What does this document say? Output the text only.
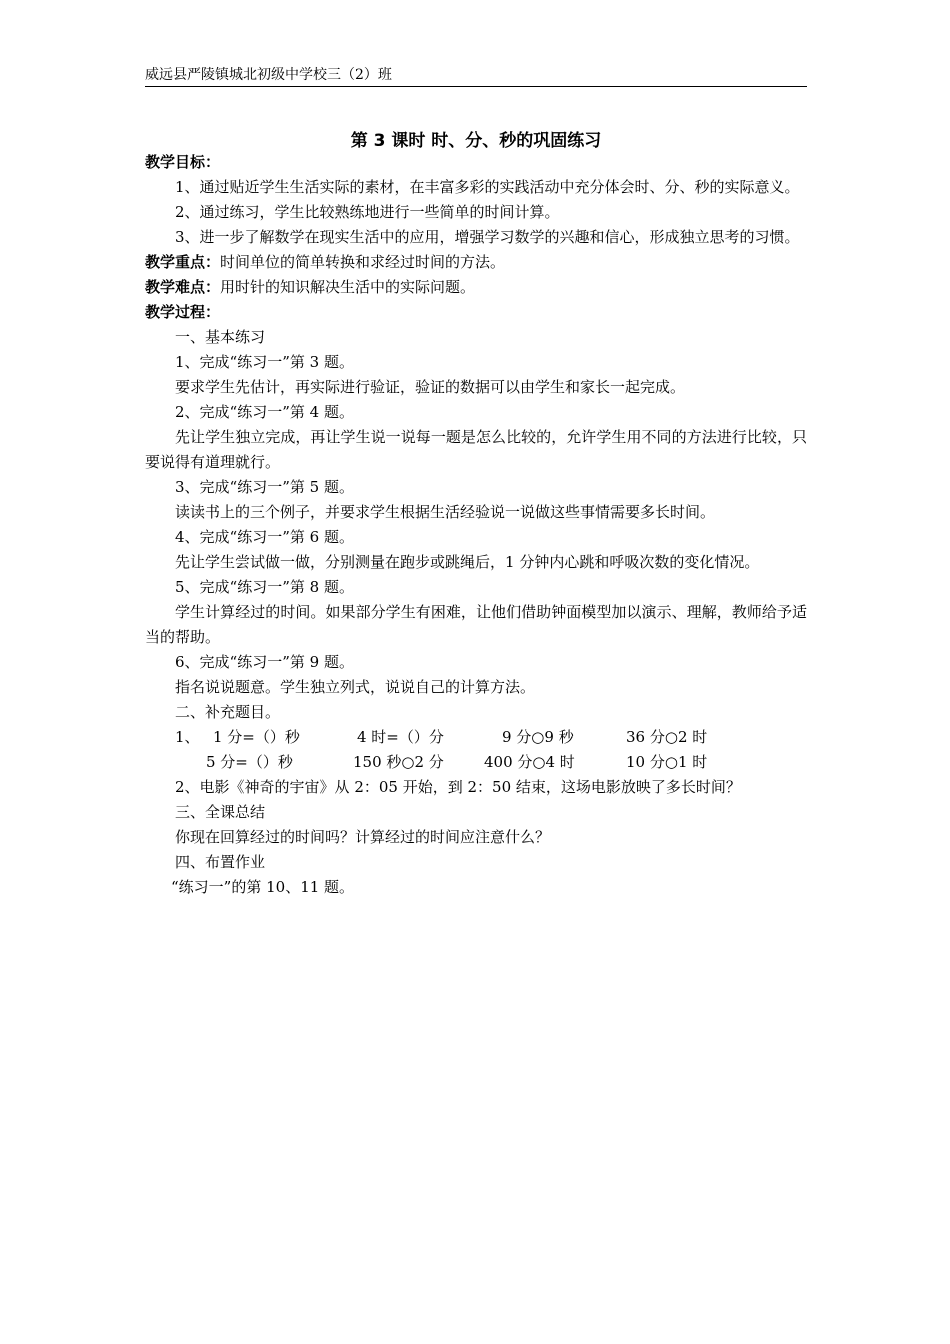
威远县严陵镇城北初级中学校三（2）班
第 3 课时 时、分、秒的巩固练习

教学目标：

1、通过贴近学生生活实际的素材，在丰富多彩的实践活动中充分体会时、分、秒的实际意义。

2、通过练习，学生比较熟练地进行一些简单的时间计算。

3、进一步了解数学在现实生活中的应用，增强学习数学的兴趣和信心，形成独立思考的习惯。

教学重点：时间单位的简单转换和求经过时间的方法。

教学难点：用时针的知识解决生活中的实际问题。

教学过程：

一、基本练习

1、完成“练习一”第 3 题。

要求学生先估计，再实际进行验证，验证的数据可以由学生和家长一起完成。

2、完成“练习一”第 4 题。

先让学生独立完成，再让学生说一说每一题是怎么比较的，允许学生用不同的方法进行比较，只要说得有道理就行。

3、完成“练习一”第 5 题。

读读书上的三个例子，并要求学生根据生活经验说一说做这些事情需要多长时间。

4、完成“练习一”第 6 题。

先让学生尝试做一做，分别测量在跑步或跳绳后，1 分钟内心跳和呼吸次数的变化情况。

5、完成“练习一”第 8 题。

学生计算经过的时间。如果部分学生有困难，让他们借助钟面模型加以演示、理解，教师给予适当的帮助。

6、完成“练习一”第 9 题。

指名说说题意。学生独立列式，说说自己的计算方法。

二、补充题目。

1、 1 分=（）秒	4 时=（）分	9 分○9 秒	36 分○2 时
5 分=（）秒	150 秒○2 分	400 分○4 时	10 分○1 时

2、电影《神奇的宇宙》从 2：05 开始，到 2：50 结束，这场电影放映了多长时间？

三、全课总结

你现在回算经过的时间吗？计算经过的时间应注意什么？

四、布置作业

“练习一”的第 10、11 题。
